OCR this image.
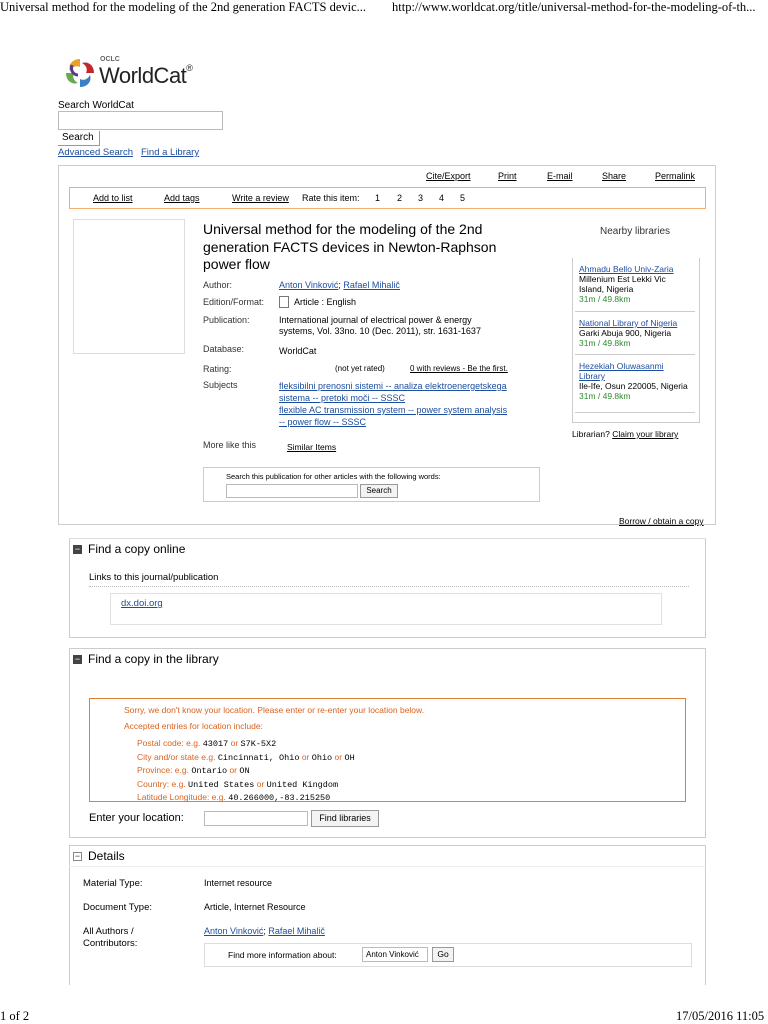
Universal method for the modeling of the 2nd generation FACTS devic... http://www.worldcat.org/title/universal-method-for-the-modeling-of-th...
OCLC
WorldCat®
Search WorldCat
Search
Advanced Search Find a Library
Cite/Export	Print	E-mail	Share	Permalink
Add to list	Add tags	Write a review Rate this item: 1 2 3 4 5
Universal method for the modeling of the 2nd
generation FACTS devices in Newton-Raphson
power flow
Author:	Anton Vinković; Rafael Mihalič
Edition/Format:	Article : English
Publication:	International journal of electrical power & energy
systems, Vol. 33no. 10 (Dec. 2011), str. 1631-1637
Database:	WorldCat
Rating:	(not yet rated)	0 with reviews - Be the first.
Subjects	fleksibilni prenosni sistemi -- analiza elektroenergetskega
sistema -- pretoki moči -- SSSC
flexible AC transmission system -- power system analysis
-- power flow -- SSSC
More like this	Similar Items
Search this publication for other articles with the following words:
Search
Nearby libraries
Ahmadu Bello Univ-Zaria
Millenium Est Lekki Vic
Island, Nigeria
31m / 49.8km
National Library of Nigeria
Garki Abuja 900, Nigeria
31m / 49.8km
Hezekiah Oluwasanmi
Library
Ile-Ife, Osun 220005, Nigeria
31m / 49.8km
Librarian? Claim your library
Borrow / obtain a copy
− Find a copy online
Links to this journal/publication
dx.doi.org
− Find a copy in the library
Sorry, we don't know your location. Please enter or re-enter your location below.
Accepted entries for location include:
Postal code: e.g. 43017 or S7K-5X2
City and/or state e.g. Cincinnati, Ohio or Ohio or OH
Province: e.g. Ontario or ON
Country: e.g. United States or United Kingdom
Latitude Longitude: e.g. 40.266000,-83.215250
Enter your location:	Find libraries
− Details
Material Type:	Internet resource
Document Type:	Article, Internet Resource
All Authors /
Contributors:
Anton Vinković; Rafael Mihalič
Find more information about:	Anton Vinković	Go
1 of 2	17/05/2016 11:05
